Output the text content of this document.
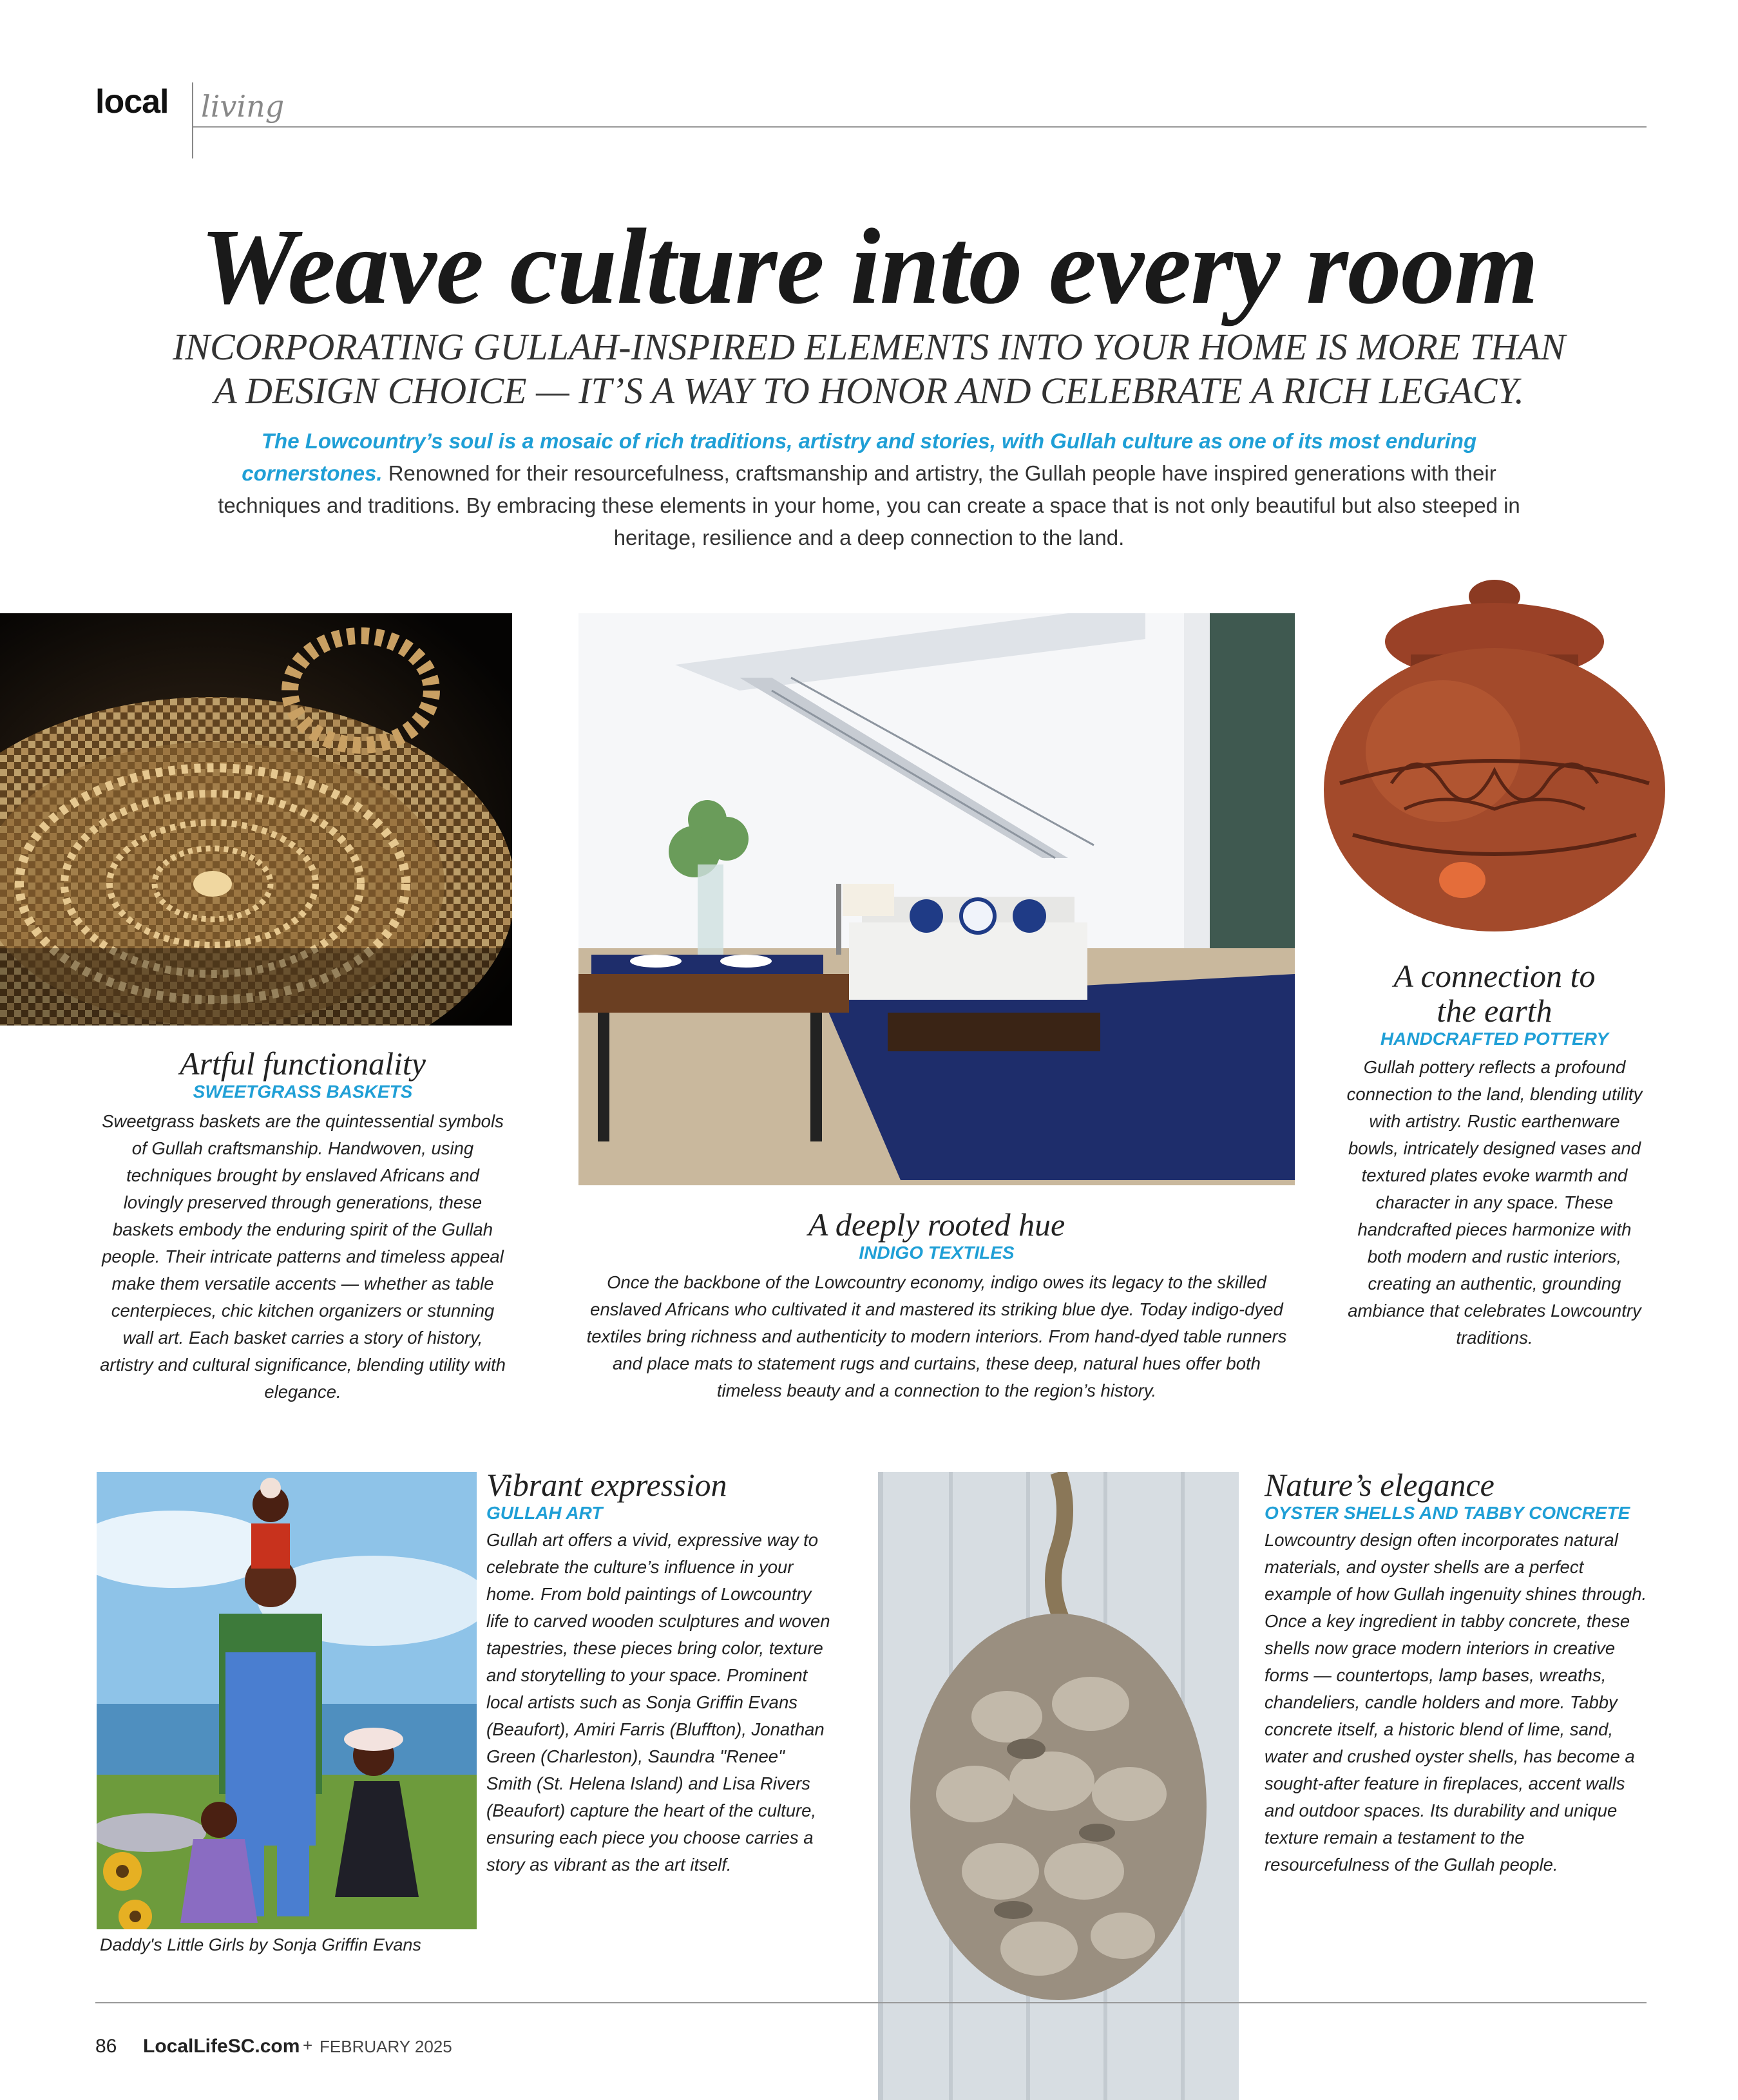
local living
Weave culture into every room
INCORPORATING GULLAH-INSPIRED ELEMENTS INTO YOUR HOME IS MORE THAN
A DESIGN CHOICE — IT’S A WAY TO HONOR AND CELEBRATE A RICH LEGACY.

The Lowcountry’s soul is a mosaic of rich traditions, artistry and stories, with Gullah culture as one of its most enduring cornerstones. Renowned for their resourcefulness, craftsmanship and artistry, the Gullah people have inspired generations with their techniques and traditions. By embracing these elements in your home, you can create a space that is not only beautiful but also steeped in heritage, resilience and a deep connection to the land.

Artful functionality
SWEETGRASS BASKETS
Sweetgrass baskets are the quintessential symbols of Gullah craftsmanship. Handwoven, using techniques brought by enslaved Africans and lovingly preserved through generations, these baskets embody the enduring spirit of the Gullah people. Their intricate patterns and timeless appeal make them versatile accents — whether as table centerpieces, chic kitchen organizers or stunning wall art. Each basket carries a story of history, artistry and cultural significance, blending utility with elegance.
A deeply rooted hue
INDIGO TEXTILES
Once the backbone of the Lowcountry economy, indigo owes its legacy to the skilled enslaved Africans who cultivated it and mastered its striking blue dye. Today indigo-dyed textiles bring richness and authenticity to modern interiors. From hand-dyed table runners and place mats to statement rugs and curtains, these deep, natural hues offer both timeless beauty and a connection to the region’s history.
A connection to the earth
HANDCRAFTED POTTERY
Gullah pottery reflects a profound connection to the land, blending utility with artistry. Rustic earthenware bowls, intricately designed vases and textured plates evoke warmth and character in any space. These handcrafted pieces harmonize with both modern and rustic interiors, creating an authentic, grounding ambiance that celebrates Lowcountry traditions.
Daddy's Little Girls by Sonja Griffin Evans
Vibrant expression
GULLAH ART
Gullah art offers a vivid, expressive way to celebrate the culture’s influence in your home. From bold paintings of Lowcountry life to carved wooden sculptures and woven tapestries, these pieces bring color, texture and storytelling to your space. Prominent local artists such as Sonja Griffin Evans (Beaufort), Amiri Farris (Bluffton), Jonathan Green (Charleston), Saundra "Renee" Smith (St. Helena Island) and Lisa Rivers (Beaufort) capture the heart of the culture, ensuring each piece you choose carries a story as vibrant as the art itself.
Nature’s elegance
OYSTER SHELLS AND TABBY CONCRETE
Lowcountry design often incorporates natural materials, and oyster shells are a perfect example of how Gullah ingenuity shines through. Once a key ingredient in tabby concrete, these shells now grace modern interiors in creative forms — countertops, lamp bases, wreaths, chandeliers, candle holders and more. Tabby concrete itself, a historic blend of lime, sand, water and crushed oyster shells, has become a sought-after feature in fireplaces, accent walls and outdoor spaces. Its durability and unique texture remain a testament to the resourcefulness of the Gullah people.
86 LocalLifeSC.com + FEBRUARY 2025
